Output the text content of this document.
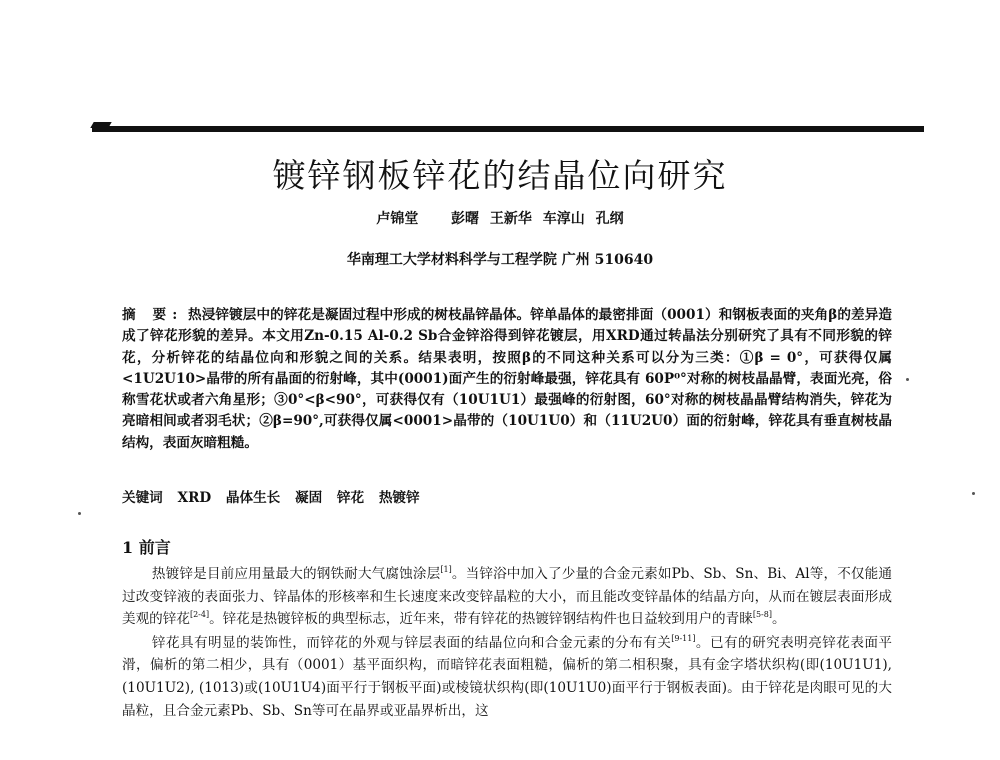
镀锌钢板锌花的结晶位向研究
卢锦堂 彭曙 王新华 车淳山 孔纲
华南理工大学材料科学与工程学院 广州 510640
摘 要: 热浸锌镀层中的锌花是凝固过程中形成的树枝晶锌晶体。锌单晶体的最密排面（0001）和钢板表面的夹角β的差异造成了锌花形貌的差异。本文用Zn-0.15 Al-0.2 Sb合金锌浴得到锌花镀层，用XRD通过转晶法分别研究了具有不同形貌的锌花，分析锌花的结晶位向和形貌之间的关系。结果表明，按照β的不同这种关系可以分为三类：①β = 0°，可获得仅属<1U2U10>晶带的所有晶面的衍射峰，其中(0001)面产生的衍射峰最强，锌花具有 60P⁰°对称的树枝晶晶臂，表面光亮，俗称雪花状或者六角星形；③0°<β<90°，可获得仅有（10U1U1）最强峰的衍射图，60°对称的树枝晶晶臂结构消失，锌花为亮暗相间或者羽毛状；②β=90°,可获得仅属<0001>晶带的（10U1U0）和（11U2U0）面的衍射峰，锌花具有垂直树枝晶结构，表面灰暗粗糙。
关键词 XRD 晶体生长 凝固 锌花 热镀锌
1 前言

热镀锌是目前应用量最大的钢铁耐大气腐蚀涂层[1]。当锌浴中加入了少量的合金元素如Pb、Sb、Sn、Bi、Al等，不仅能通过改变锌液的表面张力、锌晶体的形核率和生长速度来改变锌晶粒的大小，而且能改变锌晶体的结晶方向，从而在镀层表面形成美观的锌花[2-4]。锌花是热镀锌板的典型标志，近年来，带有锌花的热镀锌钢结构件也日益较到用户的青睐[5-8]。

锌花具有明显的装饰性，而锌花的外观与锌层表面的结晶位向和合金元素的分布有关[9-11]。已有的研究表明亮锌花表面平滑，偏析的第二相少，具有（0001）基平面织构，而暗锌花表面粗糙，偏析的第二相积聚，具有金字塔状织构(即(10U1U1), (10U1U2), (1013)或(10U1U4)面平行于钢板平面)或棱镜状织构(即(10U1U0)面平行于钢板表面)。由于锌花是肉眼可见的大晶粒，且合金元素Pb、Sb、Sn等可在晶界或亚晶界析出，这
